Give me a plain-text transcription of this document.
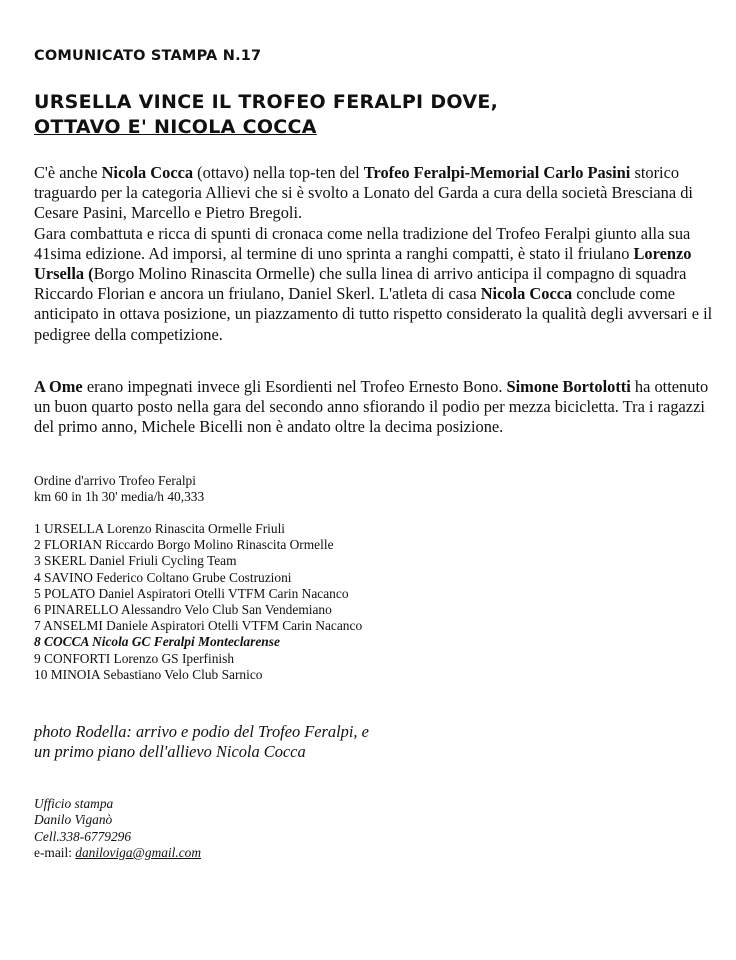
COMUNICATO STAMPA N.17
URSELLA VINCE IL TROFEO FERALPI DOVE,
OTTAVO E' NICOLA COCCA

C'è anche Nicola Cocca (ottavo) nella top-ten del Trofeo Feralpi-Memorial Carlo Pasini storico traguardo per la categoria Allievi che si è svolto a Lonato del Garda a cura della società Bresciana di Cesare Pasini, Marcello e Pietro Bregoli.
Gara combattuta e ricca di spunti di cronaca come nella tradizione del Trofeo Feralpi giunto alla sua 41sima edizione. Ad imporsi, al termine di uno sprinta a ranghi compatti, è stato il friulano Lorenzo Ursella (Borgo Molino Rinascita Ormelle) che sulla linea di arrivo anticipa il compagno di squadra Riccardo Florian e ancora un friulano, Daniel Skerl. L'atleta di casa Nicola Cocca conclude come anticipato in ottava posizione, un piazzamento di tutto rispetto considerato la qualità degli avversari e il pedigree della competizione.

A Ome erano impegnati invece gli Esordienti nel Trofeo Ernesto Bono. Simone Bortolotti ha ottenuto un buon quarto posto nella gara del secondo anno sfiorando il podio per mezza bicicletta. Tra i ragazzi del primo anno, Michele Bicelli non è andato oltre la decima posizione.

Ordine d'arrivo Trofeo Feralpi
km 60 in 1h 30' media/h 40,333
1 URSELLA Lorenzo Rinascita Ormelle Friuli
2 FLORIAN Riccardo Borgo Molino Rinascita Ormelle
3 SKERL Daniel Friuli Cycling Team
4 SAVINO Federico Coltano Grube Costruzioni
5 POLATO Daniel Aspiratori Otelli VTFM Carin Nacanco
6 PINARELLO Alessandro Velo Club San Vendemiano
7 ANSELMI Daniele Aspiratori Otelli VTFM Carin Nacanco
8 COCCA Nicola GC Feralpi Monteclarense
9 CONFORTI Lorenzo GS Iperfinish
10 MINOIA Sebastiano Velo Club Sarnico
photo Rodella: arrivo e podio del Trofeo Feralpi, e
un primo piano dell'allievo Nicola Cocca
Ufficio stampa
Danilo Viganò
Cell.338-6779296
e-mail: daniloviga@gmail.com
